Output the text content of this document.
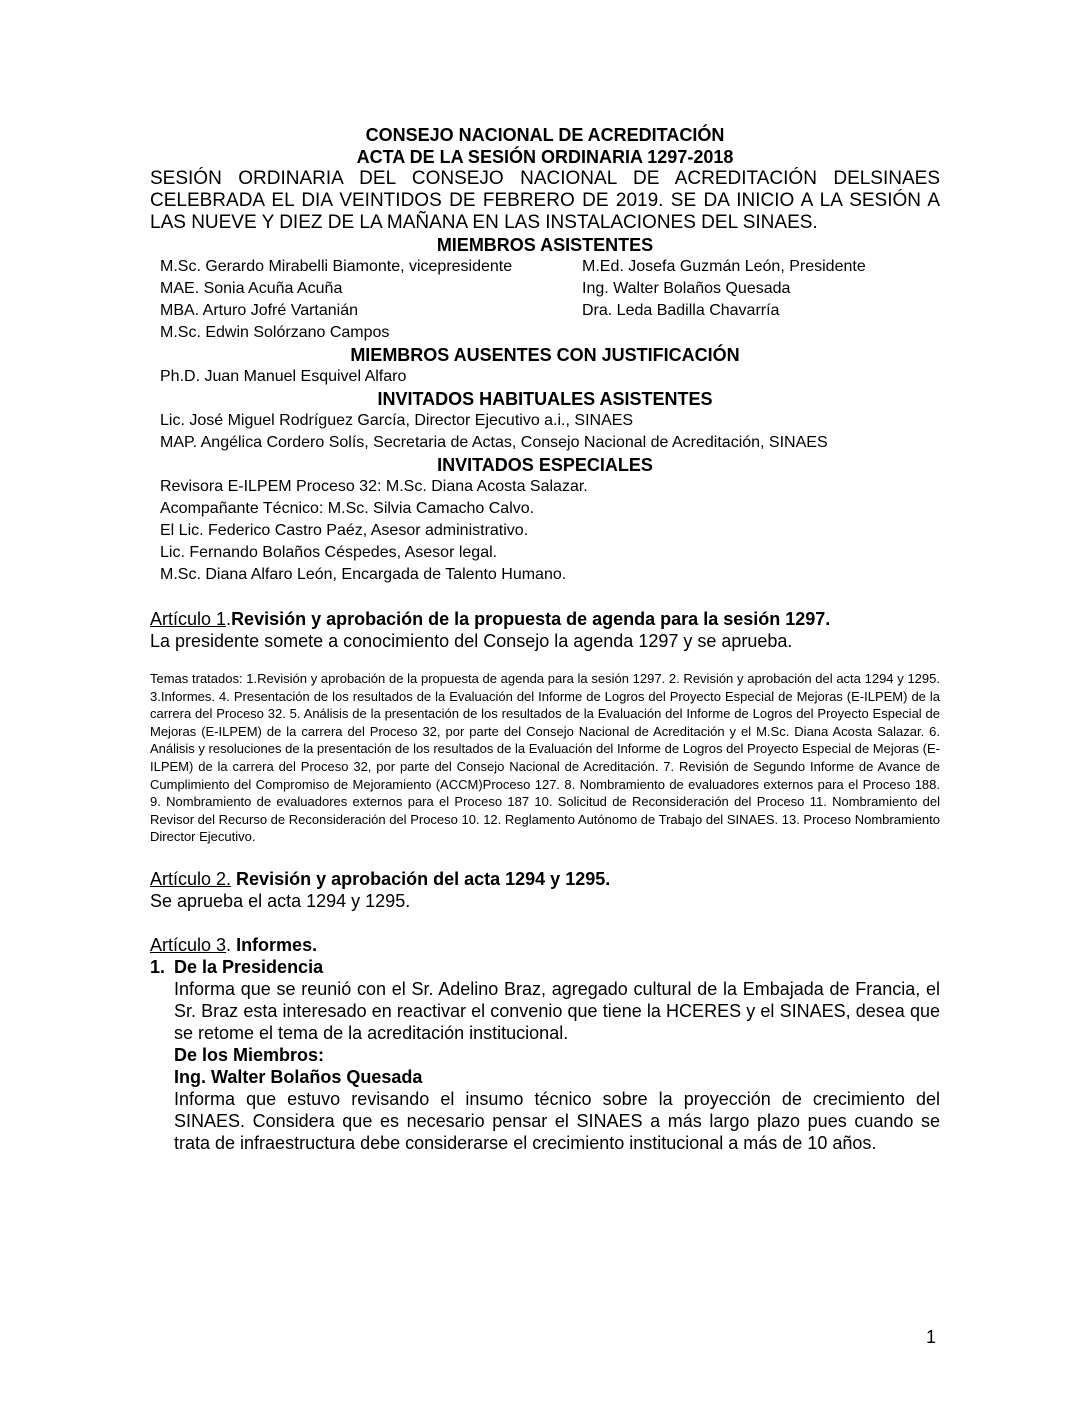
CONSEJO NACIONAL DE ACREDITACIÓN
ACTA DE LA SESIÓN ORDINARIA 1297-2018
SESIÓN ORDINARIA DEL CONSEJO NACIONAL DE ACREDITACIÓN DELSINAES CELEBRADA EL DIA VEINTIDOS DE FEBRERO DE 2019. SE DA INICIO A LA SESIÓN A LAS NUEVE Y DIEZ DE LA MAÑANA EN LAS INSTALACIONES DEL SINAES.
MIEMBROS ASISTENTES
M.Sc. Gerardo Mirabelli Biamonte, vicepresidente	M.Ed. Josefa Guzmán León, Presidente
MAE. Sonia Acuña Acuña	Ing. Walter Bolaños Quesada
MBA. Arturo Jofré Vartanián	Dra. Leda Badilla Chavarría
M.Sc. Edwin Solórzano Campos
MIEMBROS AUSENTES CON JUSTIFICACIÓN
Ph.D. Juan Manuel Esquivel Alfaro
INVITADOS HABITUALES ASISTENTES
Lic. José Miguel Rodríguez García, Director Ejecutivo a.i., SINAES
MAP. Angélica Cordero Solís, Secretaria de Actas, Consejo Nacional de Acreditación, SINAES
INVITADOS ESPECIALES
Revisora E-ILPEM Proceso 32: M.Sc. Diana Acosta Salazar.
Acompañante Técnico: M.Sc. Silvia Camacho Calvo.
El Lic. Federico Castro Paéz, Asesor administrativo.
Lic. Fernando Bolaños Céspedes, Asesor legal.
M.Sc. Diana Alfaro León, Encargada de Talento Humano.
Artículo 1.Revisión y aprobación de la propuesta de agenda para la sesión 1297.
La presidente somete a conocimiento del Consejo la agenda 1297 y se aprueba.
Temas tratados: 1.Revisión y aprobación de la propuesta de agenda para la sesión 1297. 2. Revisión y aprobación del acta 1294 y 1295. 3.Informes. 4. Presentación de los resultados de la Evaluación del Informe de Logros del Proyecto Especial de Mejoras (E-ILPEM) de la carrera del Proceso 32. 5. Análisis de la presentación de los resultados de la Evaluación del Informe de Logros del Proyecto Especial de Mejoras (E-ILPEM) de la carrera del Proceso 32, por parte del Consejo Nacional de Acreditación y el M.Sc. Diana Acosta Salazar. 6. Análisis y resoluciones de la presentación de los resultados de la Evaluación del Informe de Logros del Proyecto Especial de Mejoras (E-ILPEM) de la carrera del Proceso 32, por parte del Consejo Nacional de Acreditación. 7. Revisión de Segundo Informe de Avance de Cumplimiento del Compromiso de Mejoramiento (ACCM)Proceso 127. 8. Nombramiento de evaluadores externos para el Proceso 188. 9. Nombramiento de evaluadores externos para el Proceso 187 10. Solicitud de Reconsideración del Proceso 11. Nombramiento del Revisor del Recurso de Reconsideración del Proceso 10. 12. Reglamento Autónomo de Trabajo del SINAES. 13. Proceso Nombramiento Director Ejecutivo.
Artículo 2. Revisión y aprobación del acta 1294 y 1295.
Se aprueba el acta 1294 y 1295.
Artículo 3. Informes.
1. De la Presidencia
Informa que se reunió con el Sr. Adelino Braz, agregado cultural de la Embajada de Francia, el Sr. Braz esta interesado en reactivar el convenio que tiene la HCERES y el SINAES, desea que se retome el tema de la acreditación institucional.
De los Miembros:
Ing. Walter Bolaños Quesada
Informa que estuvo revisando el insumo técnico sobre la proyección de crecimiento del SINAES. Considera que es necesario pensar el SINAES a más largo plazo pues cuando se trata de infraestructura debe considerarse el crecimiento institucional a más de 10 años.
1
